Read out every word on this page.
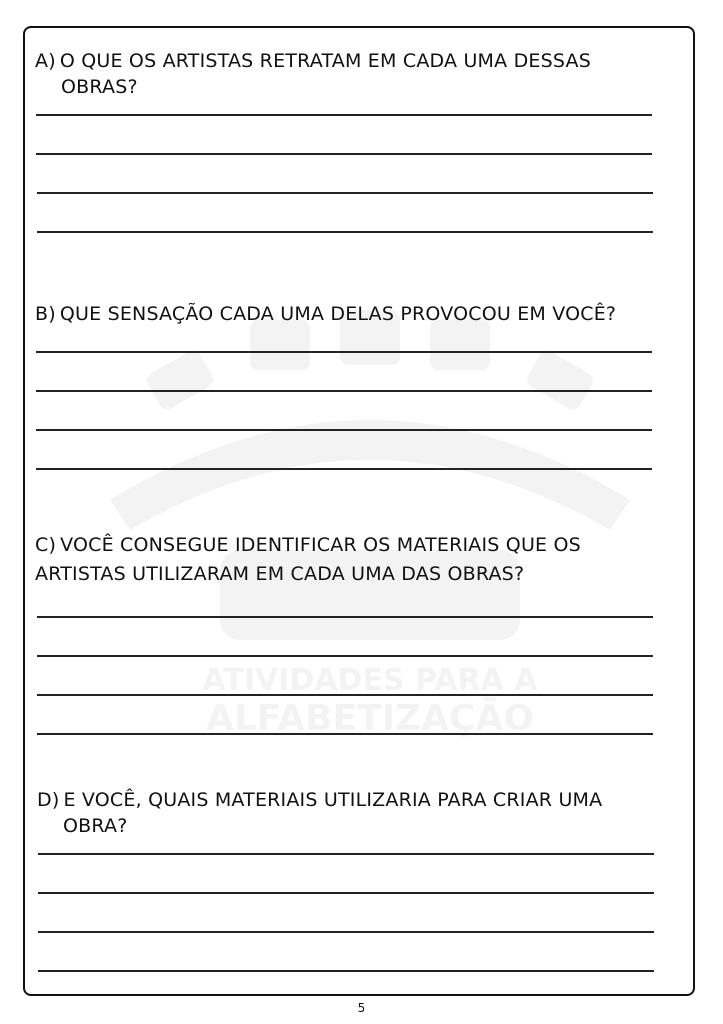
A) O QUE OS ARTISTAS RETRATAM EM CADA UMA DESSAS
OBRAS?
B) QUE SENSAÇÃO CADA UMA DELAS PROVOCOU EM VOCÊ?
C) VOCÊ CONSEGUE IDENTIFICAR OS MATERIAIS QUE OS
ARTISTAS UTILIZARAM EM CADA UMA DAS OBRAS?
D) E VOCÊ, QUAIS MATERIAIS UTILIZARIA PARA CRIAR UMA
OBRA?
5
